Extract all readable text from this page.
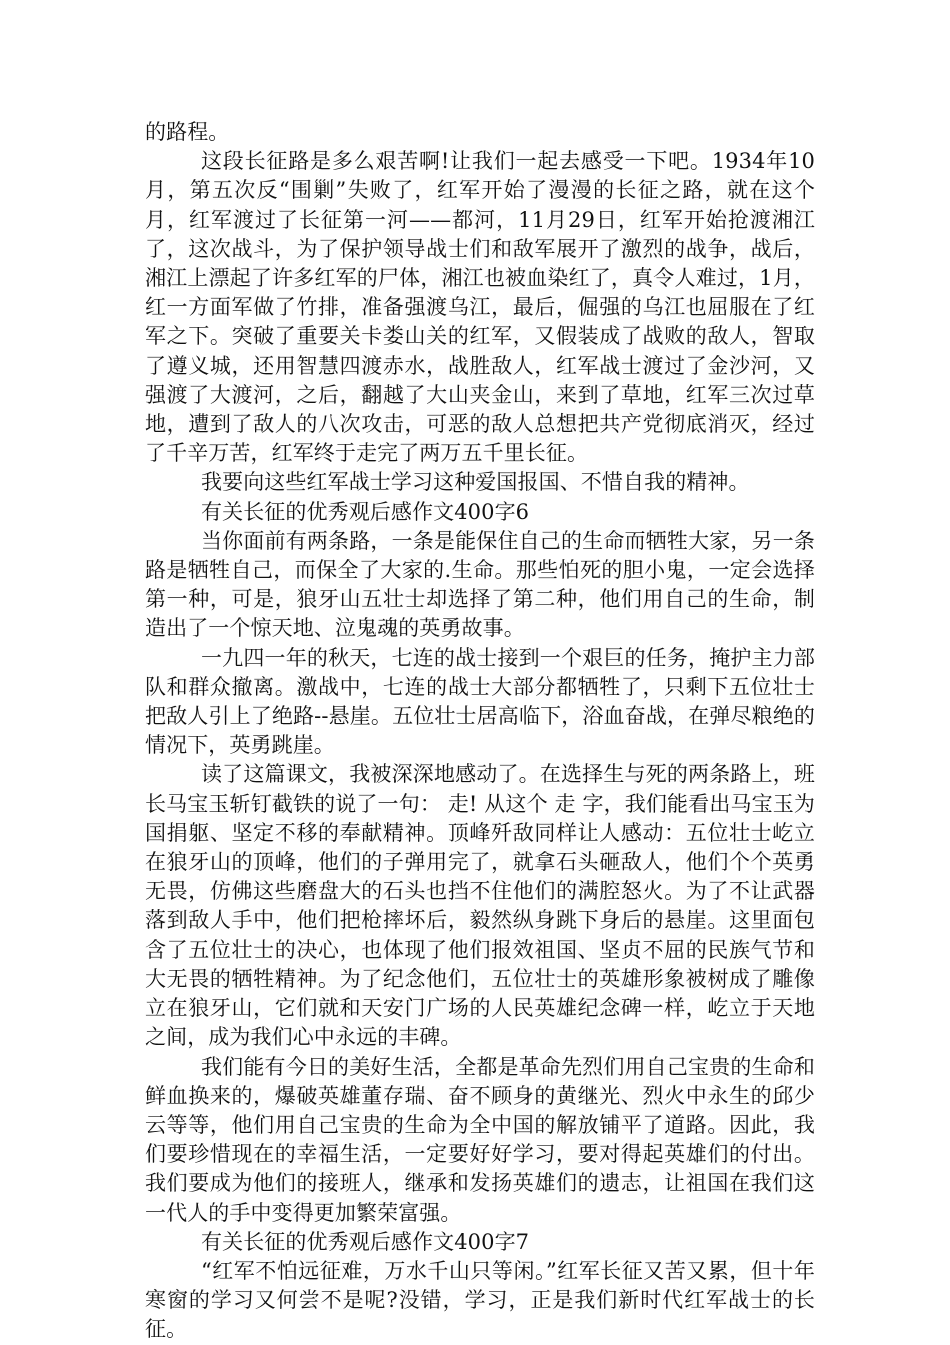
的路程。

这段长征路是多么艰苦啊!让我们一起去感受一下吧。1934年10月，第五次反“围剿”失败了，红军开始了漫漫的长征之路，就在这个月，红军渡过了长征第一河——都河，11月29日，红军开始抢渡湘江了，这次战斗，为了保护领导战士们和敌军展开了激烈的战争，战后，湘江上漂起了许多红军的尸体，湘江也被血染红了，真令人难过，1月，红一方面军做了竹排，准备强渡乌江，最后，倔强的乌江也屈服在了红军之下。突破了重要关卡娄山关的红军，又假装成了战败的敌人，智取了遵义城，还用智慧四渡赤水，战胜敌人，红军战士渡过了金沙河，又强渡了大渡河，之后，翻越了大山夹金山，来到了草地，红军三次过草地，遭到了敌人的八次攻击，可恶的敌人总想把共产党彻底消灭，经过了千辛万苦，红军终于走完了两万五千里长征。

我要向这些红军战士学习这种爱国报国、不惜自我的精神。

有关长征的优秀观后感作文400字6

当你面前有两条路，一条是能保住自己的生命而牺牲大家，另一条路是牺牲自己，而保全了大家的.生命。那些怕死的胆小鬼，一定会选择第一种，可是，狼牙山五壮士却选择了第二种，他们用自己的生命，制造出了一个惊天地、泣鬼魂的英勇故事。

一九四一年的秋天，七连的战士接到一个艰巨的任务，掩护主力部队和群众撤离。激战中，七连的战士大部分都牺牲了，只剩下五位壮士把敌人引上了绝路--悬崖。五位壮士居高临下，浴血奋战，在弹尽粮绝的情况下，英勇跳崖。

读了这篇课文，我被深深地感动了。在选择生与死的两条路上，班长马宝玉斩钉截铁的说了一句： 走! 从这个 走 字，我们能看出马宝玉为国捐躯、坚定不移的奉献精神。顶峰歼敌同样让人感动：五位壮士屹立在狼牙山的顶峰，他们的子弹用完了，就拿石头砸敌人，他们个个英勇无畏，仿佛这些磨盘大的石头也挡不住他们的满腔怒火。为了不让武器落到敌人手中，他们把枪摔坏后，毅然纵身跳下身后的悬崖。这里面包含了五位壮士的决心，也体现了他们报效祖国、坚贞不屈的民族气节和大无畏的牺牲精神。为了纪念他们，五位壮士的英雄形象被树成了雕像立在狼牙山，它们就和天安门广场的人民英雄纪念碑一样，屹立于天地之间，成为我们心中永远的丰碑。

我们能有今日的美好生活，全都是革命先烈们用自己宝贵的生命和鲜血换来的，爆破英雄董存瑞、奋不顾身的黄继光、烈火中永生的邱少云等等，他们用自己宝贵的生命为全中国的解放铺平了道路。因此，我们要珍惜现在的幸福生活，一定要好好学习，要对得起英雄们的付出。我们要成为他们的接班人，继承和发扬英雄们的遗志，让祖国在我们这一代人的手中变得更加繁荣富强。

有关长征的优秀观后感作文400字7

“红军不怕远征难，万水千山只等闲。”红军长征又苦又累，但十年寒窗的学习又何尝不是呢?没错，学习，正是我们新时代红军战士的长征。
